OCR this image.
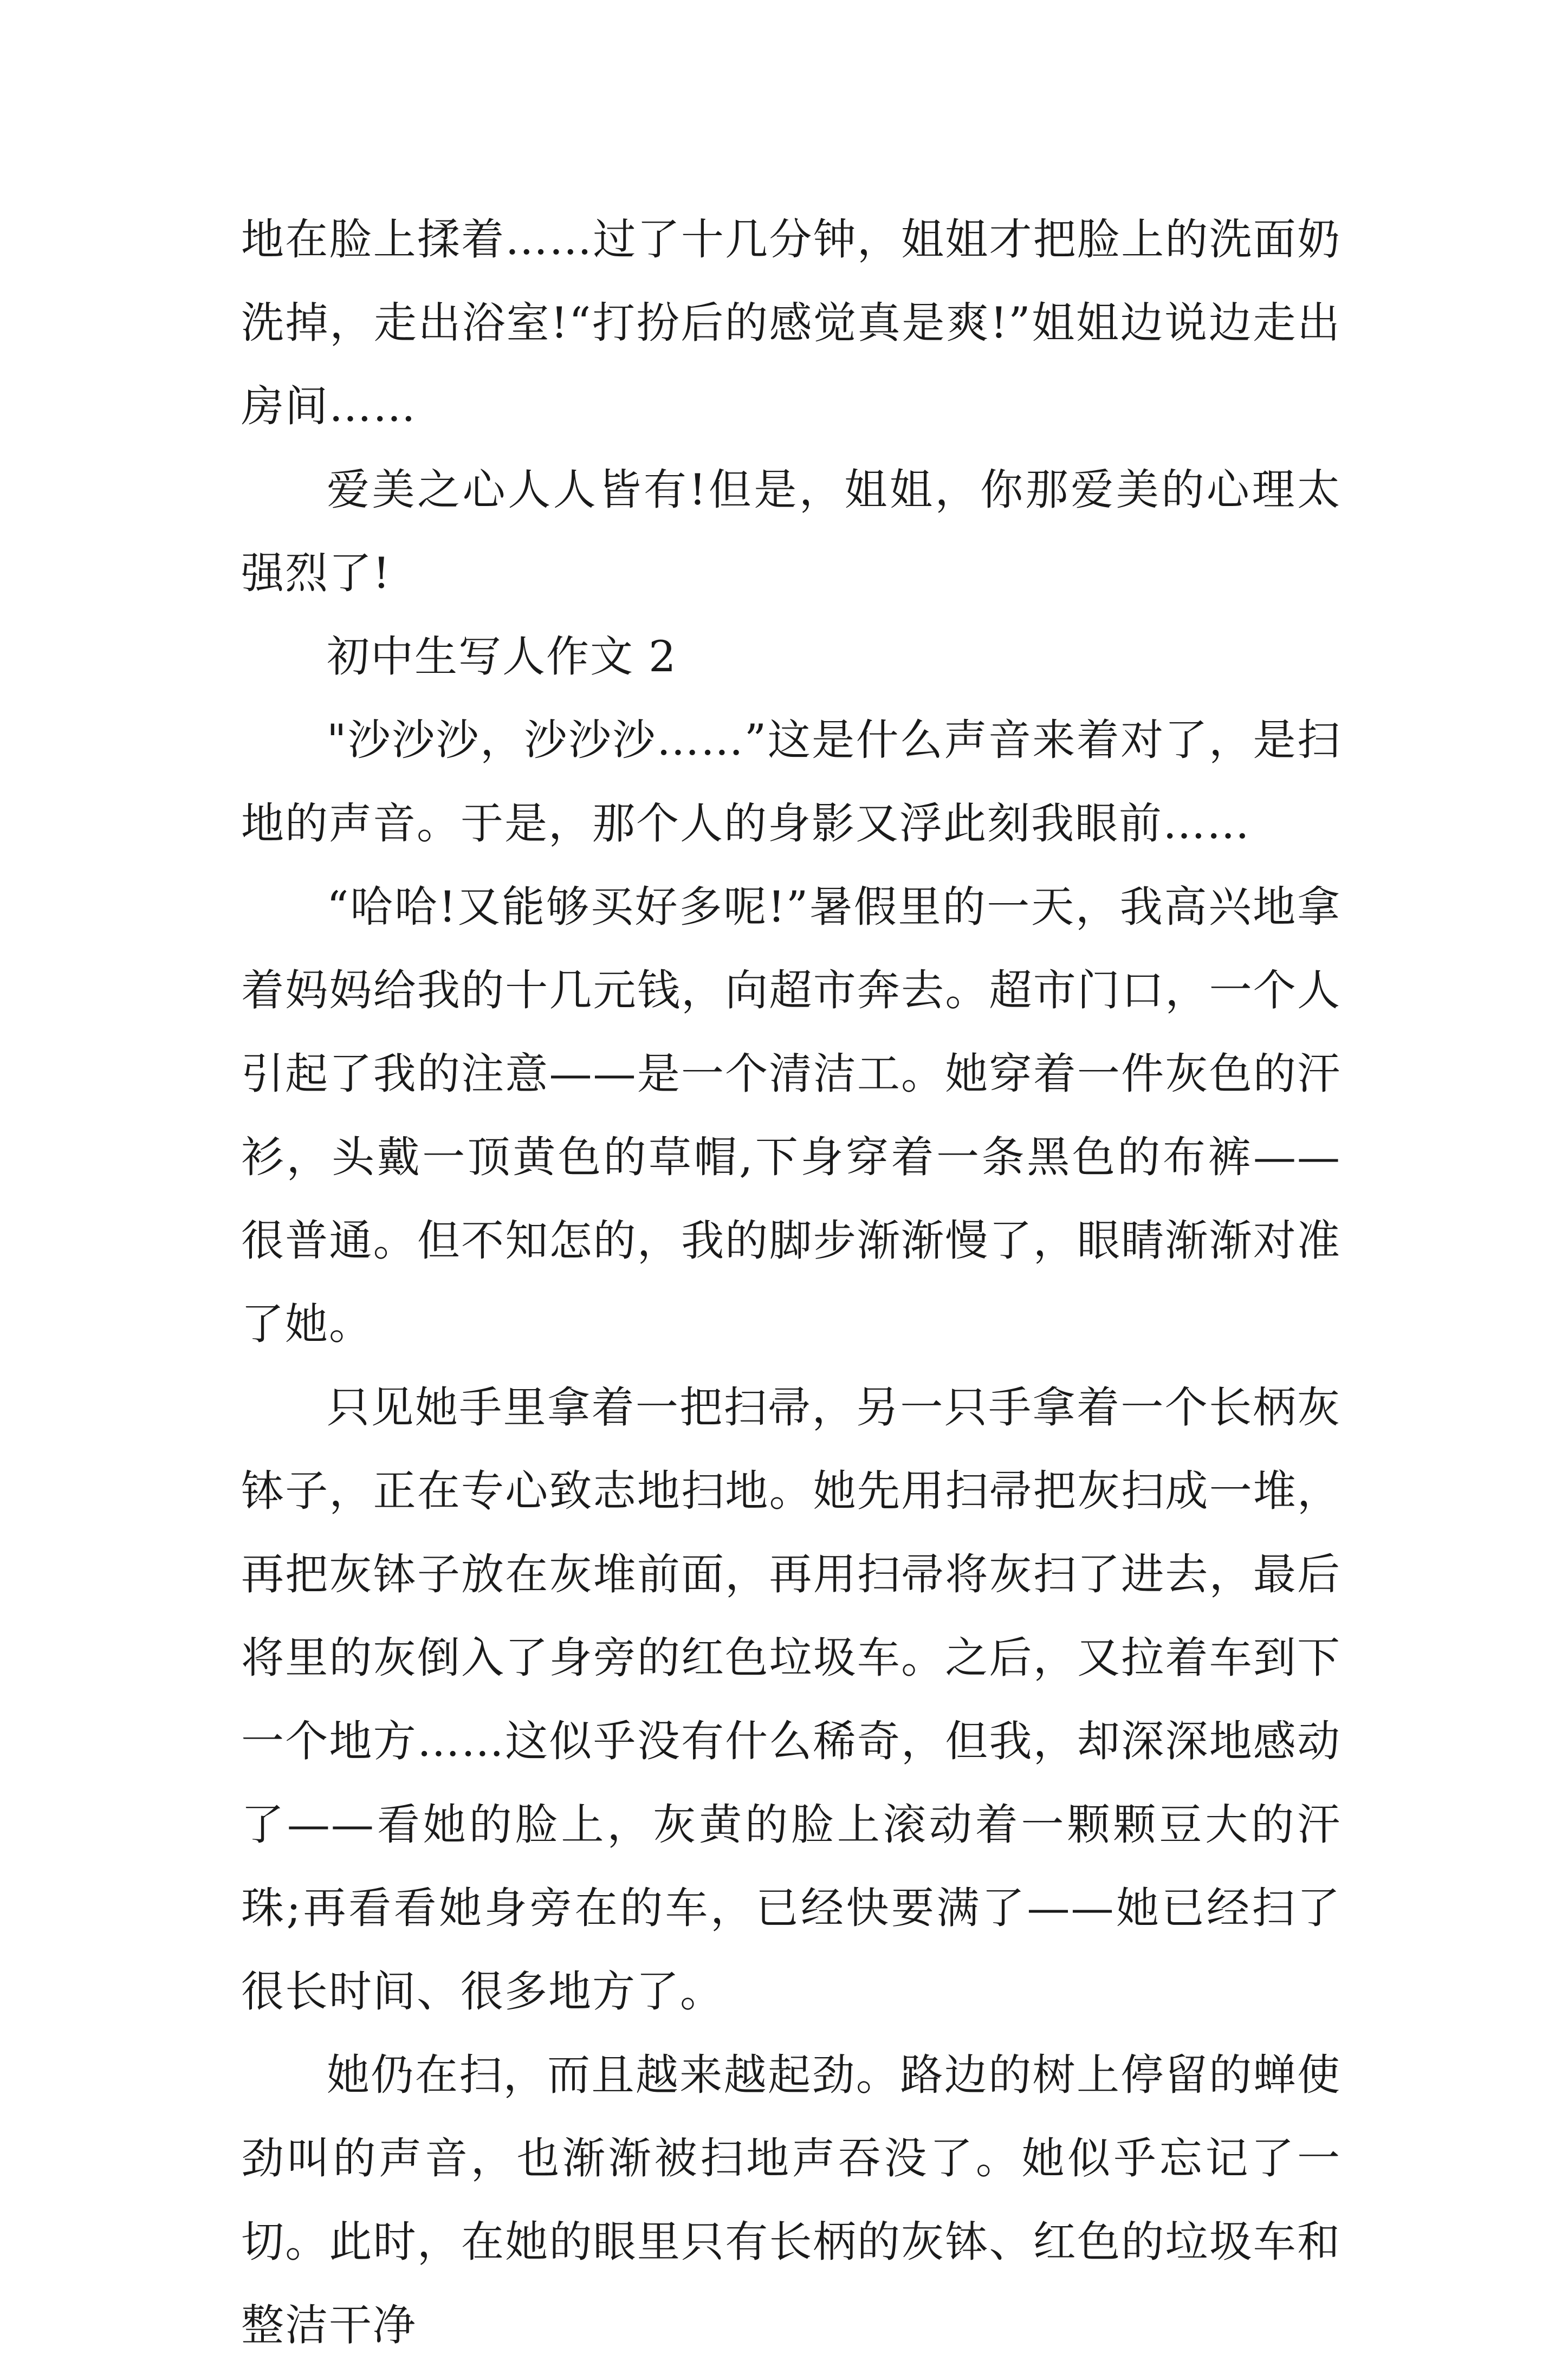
地在脸上揉着……过了十几分钟，姐姐才把脸上的洗面奶洗掉，走出浴室!“打扮后的感觉真是爽!”姐姐边说边走出房间……

爱美之心人人皆有!但是，姐姐，你那爱美的心理太强烈了!

初中生写人作文 2

"沙沙沙，沙沙沙……”这是什么声音来着对了，是扫地的声音。于是，那个人的身影又浮此刻我眼前……

“哈哈!又能够买好多呢!”暑假里的一天，我高兴地拿着妈妈给我的十几元钱，向超市奔去。超市门口，一个人引起了我的注意——是一个清洁工。她穿着一件灰色的汗衫，头戴一顶黄色的草帽,下身穿着一条黑色的布裤——很普通。但不知怎的，我的脚步渐渐慢了，眼睛渐渐对准了她。

只见她手里拿着一把扫帚，另一只手拿着一个长柄灰钵子，正在专心致志地扫地。她先用扫帚把灰扫成一堆，再把灰钵子放在灰堆前面，再用扫帚将灰扫了进去，最后将里的灰倒入了身旁的红色垃圾车。之后，又拉着车到下一个地方……这似乎没有什么稀奇，但我，却深深地感动了——看她的脸上，灰黄的脸上滚动着一颗颗豆大的汗珠;再看看她身旁在的车，已经快要满了——她已经扫了很长时间、很多地方了。

她仍在扫，而且越来越起劲。路边的树上停留的蝉使劲叫的声音，也渐渐被扫地声吞没了。她似乎忘记了一切。此时，在她的眼里只有长柄的灰钵、红色的垃圾车和整洁干净
